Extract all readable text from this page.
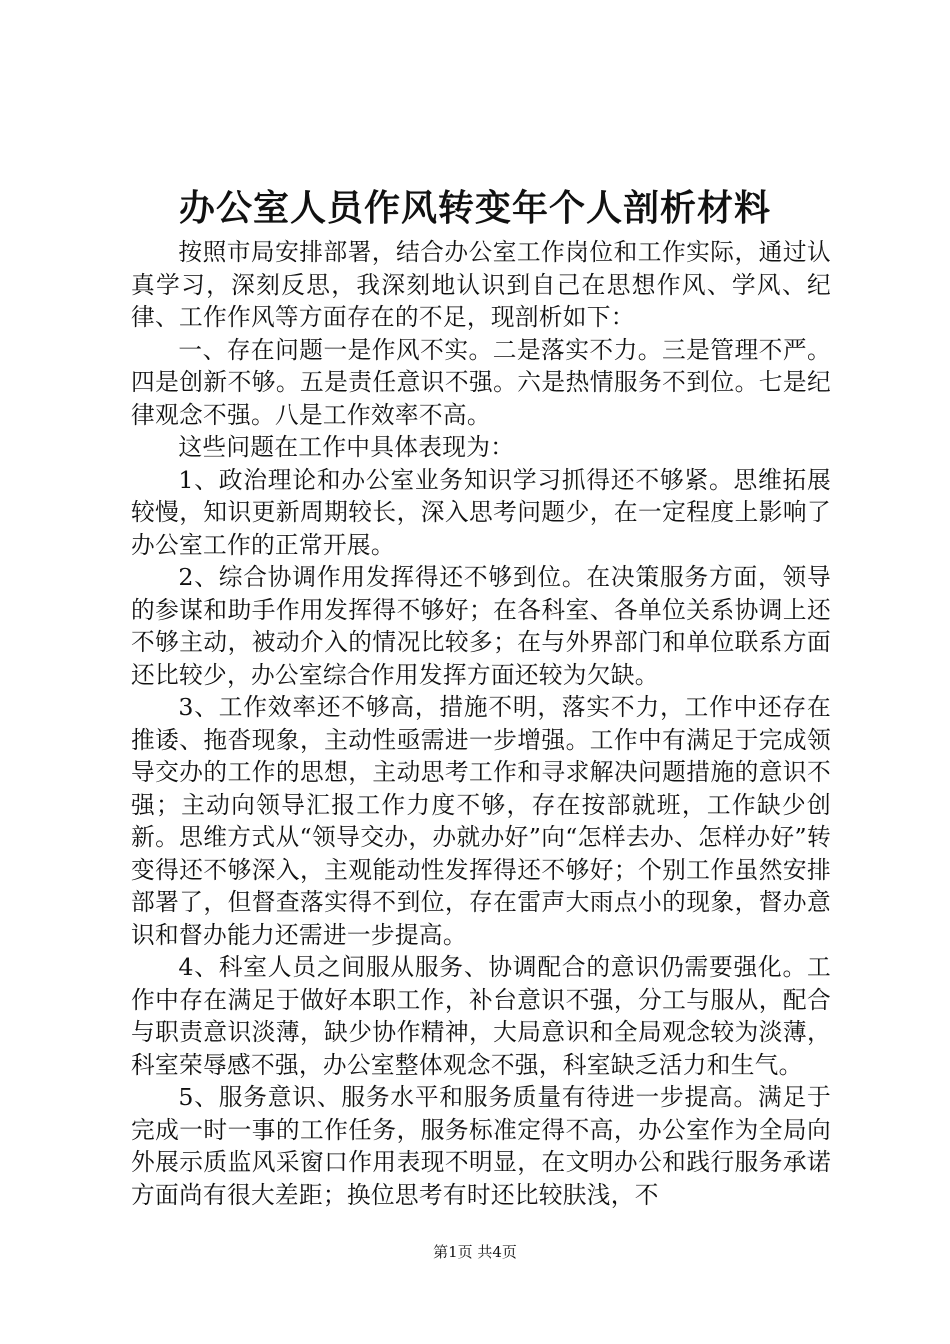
办公室人员作风转变年个人剖析材料

按照市局安排部署，结合办公室工作岗位和工作实际，通过认真学习，深刻反思，我深刻地认识到自己在思想作风、学风、纪律、工作作风等方面存在的不足，现剖析如下：

一、存在问题一是作风不实。二是落实不力。三是管理不严。四是创新不够。五是责任意识不强。六是热情服务不到位。七是纪律观念不强。八是工作效率不高。

这些问题在工作中具体表现为：

1、政治理论和办公室业务知识学习抓得还不够紧。思维拓展较慢，知识更新周期较长，深入思考问题少，在一定程度上影响了办公室工作的正常开展。

2、综合协调作用发挥得还不够到位。在决策服务方面，领导的参谋和助手作用发挥得不够好；在各科室、各单位关系协调上还不够主动，被动介入的情况比较多；在与外界部门和单位联系方面还比较少，办公室综合作用发挥方面还较为欠缺。

3、工作效率还不够高，措施不明，落实不力，工作中还存在推诿、拖沓现象，主动性亟需进一步增强。工作中有满足于完成领导交办的工作的思想，主动思考工作和寻求解决问题措施的意识不强；主动向领导汇报工作力度不够，存在按部就班，工作缺少创新。思维方式从“领导交办，办就办好”向“怎样去办、怎样办好”转变得还不够深入，主观能动性发挥得还不够好；个别工作虽然安排部署了，但督查落实得不到位，存在雷声大雨点小的现象，督办意识和督办能力还需进一步提高。

4、科室人员之间服从服务、协调配合的意识仍需要强化。工作中存在满足于做好本职工作，补台意识不强，分工与服从，配合与职责意识淡薄，缺少协作精神，大局意识和全局观念较为淡薄，科室荣辱感不强，办公室整体观念不强，科室缺乏活力和生气。

5、服务意识、服务水平和服务质量有待进一步提高。满足于完成一时一事的工作任务，服务标准定得不高，办公室作为全局向外展示质监风采窗口作用表现不明显，在文明办公和践行服务承诺方面尚有很大差距；换位思考有时还比较肤浅，不

第1页 共4页
